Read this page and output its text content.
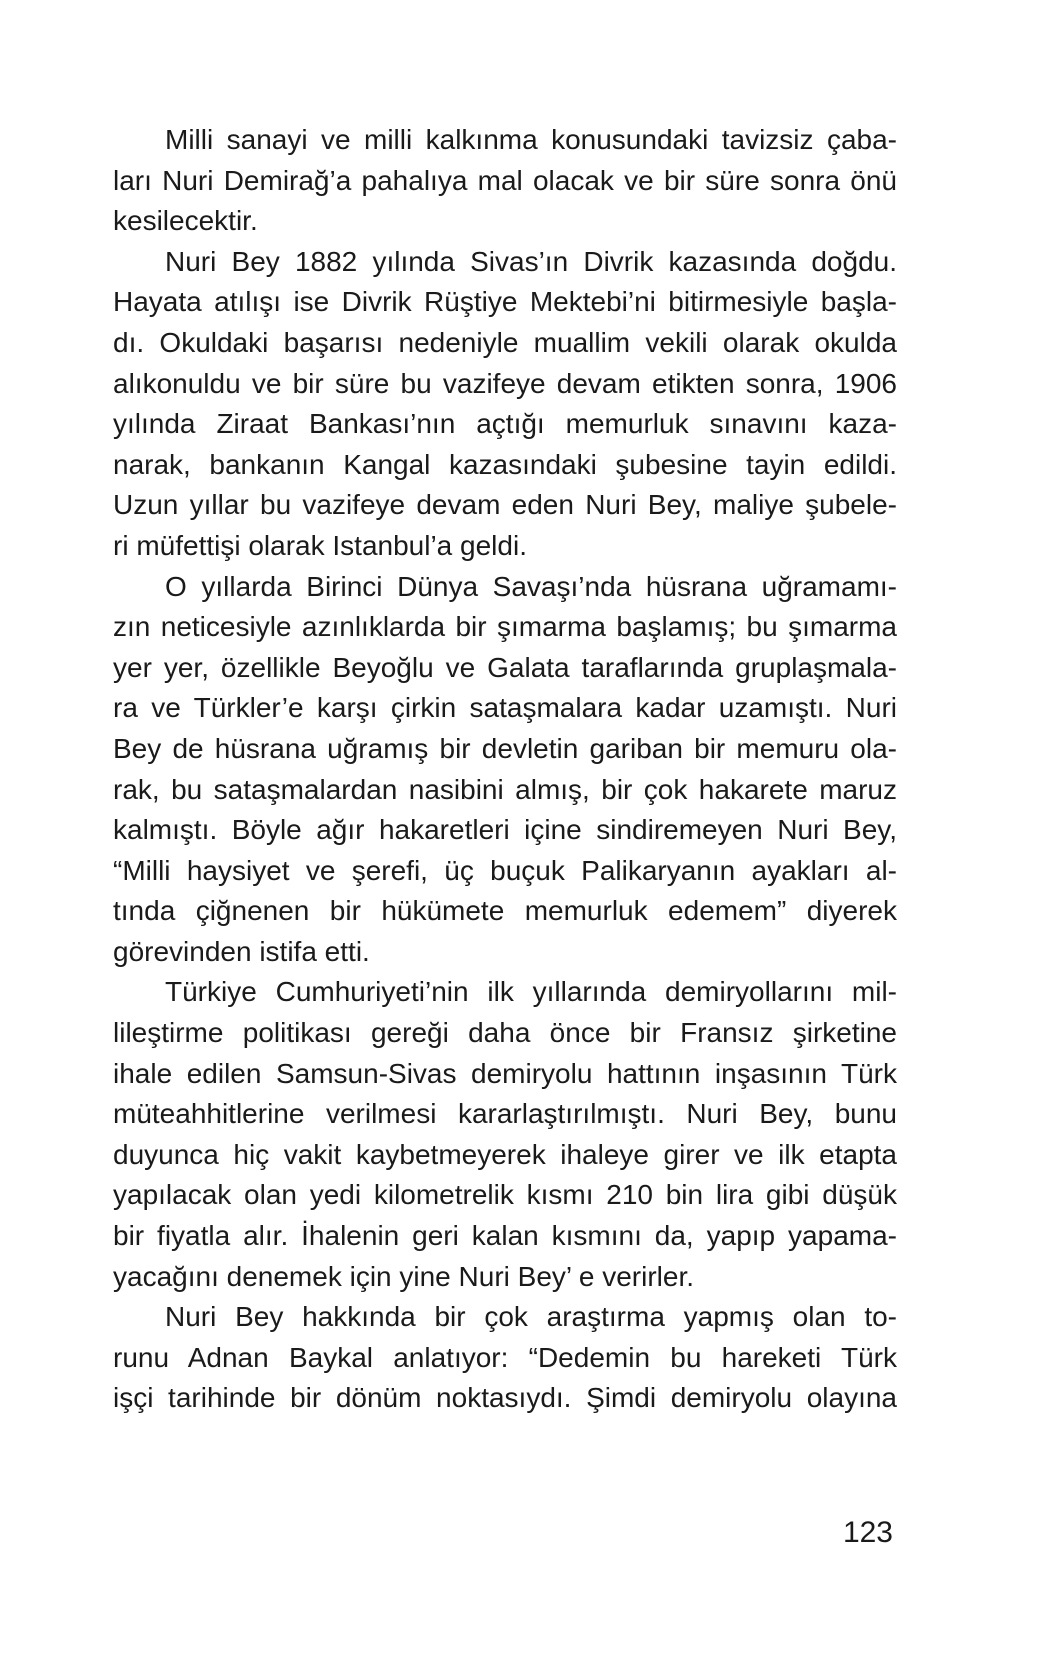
Milli sanayi ve milli kalkınma konusundaki tavizsiz çaba-
ları Nuri Demirağ’a pahalıya mal olacak ve bir süre sonra önü
kesilecektir.
Nuri Bey 1882 yılında Sivas’ın Divrik kazasında doğdu.
Hayata atılışı ise Divrik Rüştiye Mektebi’ni bitirmesiyle başla-
dı. Okuldaki başarısı nedeniyle muallim vekili olarak okulda
alıkonuldu ve bir süre bu vazifeye devam etikten sonra, 1906
yılında Ziraat Bankası’nın açtığı memurluk sınavını kaza-
narak, bankanın Kangal kazasındaki şubesine tayin edildi.
Uzun yıllar bu vazifeye devam eden Nuri Bey, maliye şubele-
ri müfettişi olarak Istanbul’a geldi.
O yıllarda Birinci Dünya Savaşı’nda hüsrana uğramamı-
zın neticesiyle azınlıklarda bir şımarma başlamış; bu şımarma
yer yer, özellikle Beyoğlu ve Galata taraflarında gruplaşmala-
ra ve Türkler’e karşı çirkin sataşmalara kadar uzamıştı. Nuri
Bey de hüsrana uğramış bir devletin gariban bir memuru ola-
rak, bu sataşmalardan nasibini almış, bir çok hakarete maruz
kalmıştı. Böyle ağır hakaretleri içine sindiremeyen Nuri Bey,
“Milli haysiyet ve şerefi, üç buçuk Palikaryanın ayakları al-
tında çiğnenen bir hükümete memurluk edemem” diyerek
görevinden istifa etti.
Türkiye Cumhuriyeti’nin ilk yıllarında demiryollarını mil-
lileştirme politikası gereği daha önce bir Fransız şirketine
ihale edilen Samsun-Sivas demiryolu hattının inşasının Türk
müteahhitlerine verilmesi kararlaştırılmıştı. Nuri Bey, bunu
duyunca hiç vakit kaybetmeyerek ihaleye girer ve ilk etapta
yapılacak olan yedi kilometrelik kısmı 210 bin lira gibi düşük
bir fiyatla alır. İhalenin geri kalan kısmını da, yapıp yapama-
yacağını denemek için yine Nuri Bey’ e verirler.
Nuri Bey hakkında bir çok araştırma yapmış olan to-
runu Adnan Baykal anlatıyor: “Dedemin bu hareketi Türk
işçi tarihinde bir dönüm noktasıydı. Şimdi demiryolu olayına
123
